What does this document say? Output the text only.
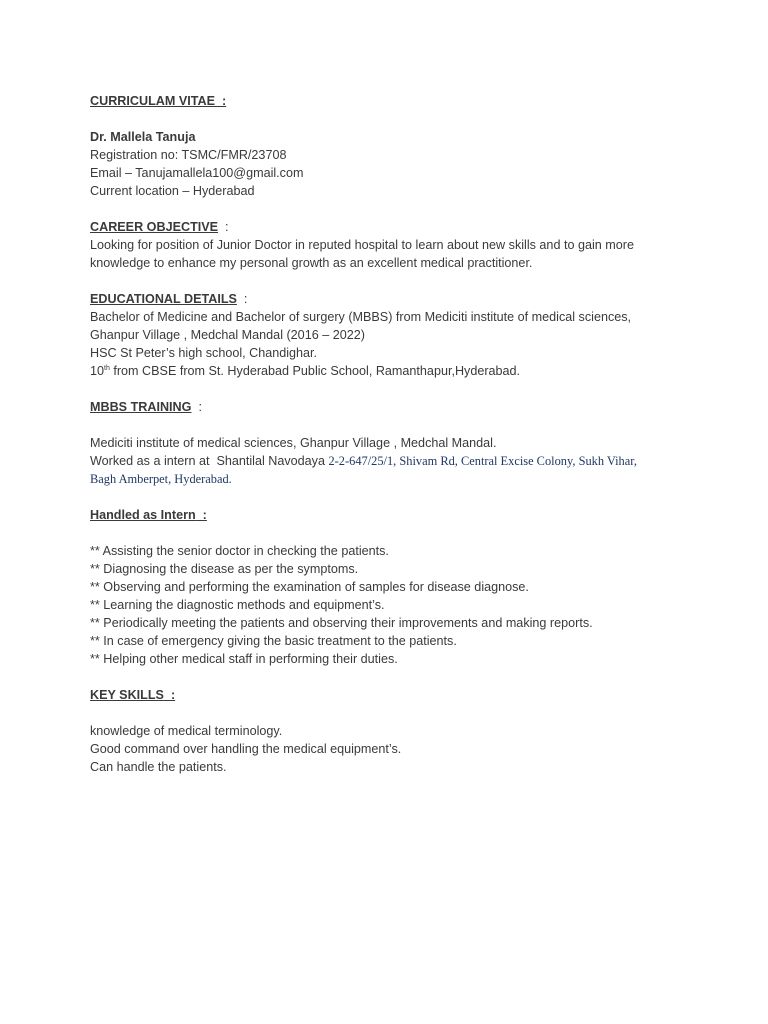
CURRICULAM VITAE  :
Dr. Mallela Tanuja
Registration no: TSMC/FMR/23708
Email – Tanujamallela100@gmail.com
Current location – Hyderabad
CAREER OBJECTIVE  :
Looking for position of Junior Doctor in reputed hospital to learn about new skills and to gain more
knowledge to enhance my personal growth as an excellent medical practitioner.
EDUCATIONAL DETAILS  :
Bachelor of Medicine and Bachelor of surgery (MBBS) from Mediciti institute of medical sciences,
Ghanpur Village , Medchal Mandal (2016 – 2022)
HSC St Peter’s high school, Chandighar.
10th from CBSE from St. Hyderabad Public School, Ramanthapur,Hyderabad.
MBBS TRAINING  :
Mediciti institute of medical sciences, Ghanpur Village , Medchal Mandal.
Worked as a intern at  Shantilal Navodaya 2-2-647/25/1, Shivam Rd, Central Excise Colony, Sukh Vihar,
Bagh Amberpet, Hyderabad.
Handled as Intern  :
** Assisting the senior doctor in checking the patients.
** Diagnosing the disease as per the symptoms.
** Observing and performing the examination of samples for disease diagnose.
** Learning the diagnostic methods and equipment’s.
** Periodically meeting the patients and observing their improvements and making reports.
** In case of emergency giving the basic treatment to the patients.
** Helping other medical staff in performing their duties.
KEY SKILLS  :
knowledge of medical terminology.
Good command over handling the medical equipment’s.
Can handle the patients.
